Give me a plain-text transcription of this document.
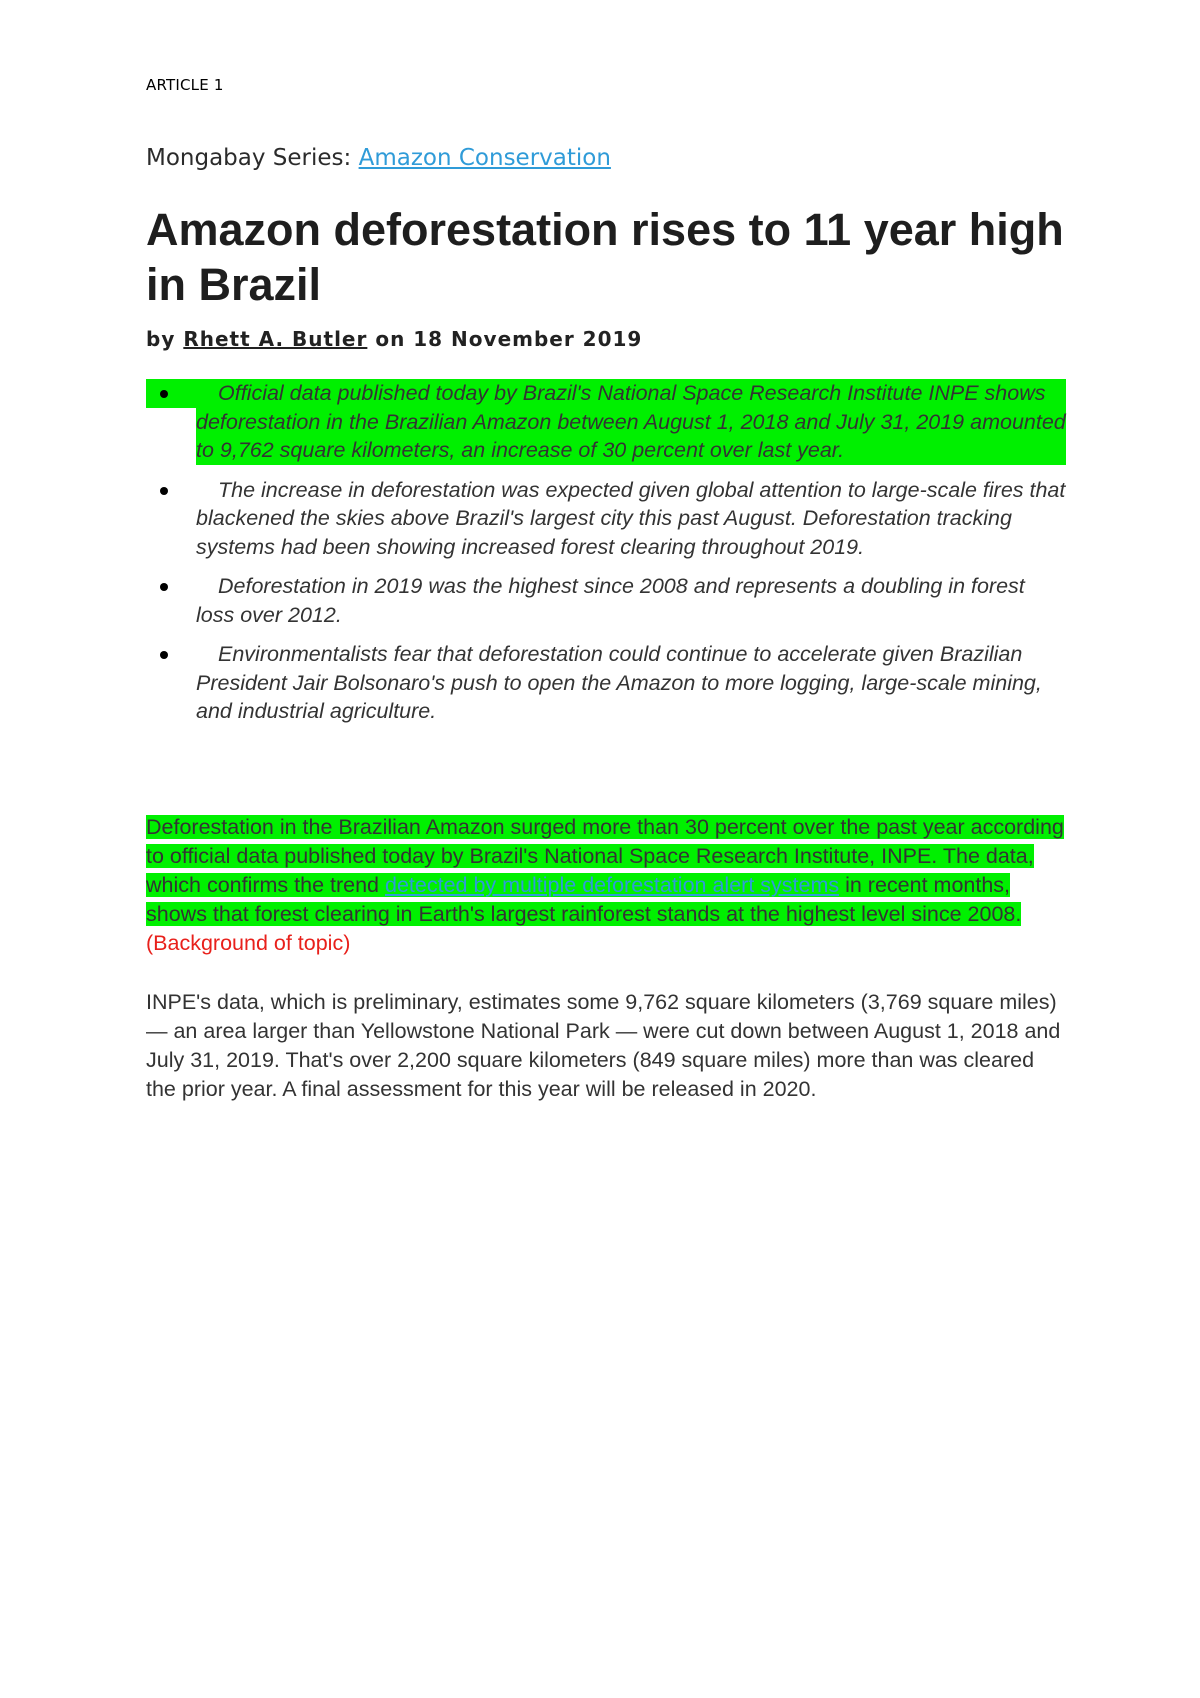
ARTICLE 1
Mongabay Series: Amazon Conservation
Amazon deforestation rises to 11 year high in Brazil
by Rhett A. Butler on 18 November 2019
Official data published today by Brazil's National Space Research Institute INPE shows deforestation in the Brazilian Amazon between August 1, 2018 and July 31, 2019 amounted to 9,762 square kilometers, an increase of 30 percent over last year.
The increase in deforestation was expected given global attention to large-scale fires that blackened the skies above Brazil's largest city this past August. Deforestation tracking systems had been showing increased forest clearing throughout 2019.
Deforestation in 2019 was the highest since 2008 and represents a doubling in forest loss over 2012.
Environmentalists fear that deforestation could continue to accelerate given Brazilian President Jair Bolsonaro's push to open the Amazon to more logging, large-scale mining, and industrial agriculture.

Deforestation in the Brazilian Amazon surged more than 30 percent over the past year according to official data published today by Brazil's National Space Research Institute, INPE. The data, which confirms the trend detected by multiple deforestation alert systems in recent months, shows that forest clearing in Earth's largest rainforest stands at the highest level since 2008.(Background of topic)

INPE's data, which is preliminary, estimates some 9,762 square kilometers (3,769 square miles) — an area larger than Yellowstone National Park — were cut down between August 1, 2018 and July 31, 2019. That's over 2,200 square kilometers (849 square miles) more than was cleared the prior year. A final assessment for this year will be released in 2020.
